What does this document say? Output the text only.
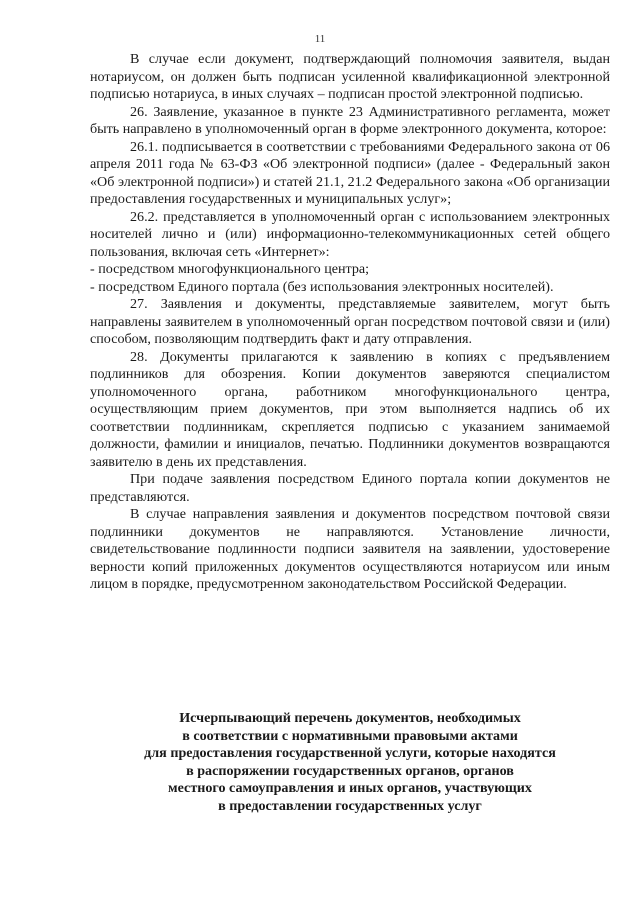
11

В случае если документ, подтверждающий полномочия заявителя, выдан нотариусом, он должен быть подписан усиленной квалификационной электронной подписью нотариуса, в иных случаях – подписан простой электронной подписью.

26. Заявление, указанное в пункте 23 Административного регламента, может быть направлено в уполномоченный орган в форме электронного документа, которое:

26.1. подписывается в соответствии с требованиями Федерального закона от 06 апреля 2011 года № 63-ФЗ «Об электронной подписи» (далее - Федеральный закон «Об электронной подписи») и статей 21.1, 21.2 Федерального закона «Об организации предоставления государственных и муниципальных услуг»;

26.2. представляется в уполномоченный орган с использованием электронных носителей лично и (или) информационно-телекоммуникационных сетей общего пользования, включая сеть «Интернет»:

- посредством многофункционального центра;

- посредством Единого портала (без использования электронных носителей).

27. Заявления и документы, представляемые заявителем, могут быть направлены заявителем в уполномоченный орган посредством почтовой связи и (или) способом, позволяющим подтвердить факт и дату отправления.

28. Документы прилагаются к заявлению в копиях с предъявлением подлинников для обозрения. Копии документов заверяются специалистом уполномоченного органа, работником многофункционального центра, осуществляющим прием документов, при этом выполняется надпись об их соответствии подлинникам, скрепляется подписью с указанием занимаемой должности, фамилии и инициалов, печатью. Подлинники документов возвращаются заявителю в день их представления.

При подаче заявления посредством Единого портала копии документов не представляются.

В случае направления заявления и документов посредством почтовой связи подлинники документов не направляются. Установление личности, свидетельствование подлинности подписи заявителя на заявлении, удостоверение верности копий приложенных документов осуществляются нотариусом или иным лицом в порядке, предусмотренном законодательством Российской Федерации.

Исчерпывающий перечень документов, необходимых
в соответствии с нормативными правовыми актами
для предоставления государственной услуги, которые находятся
в распоряжении государственных органов, органов
местного самоуправления и иных органов, участвующих
в предоставлении государственных услуг
